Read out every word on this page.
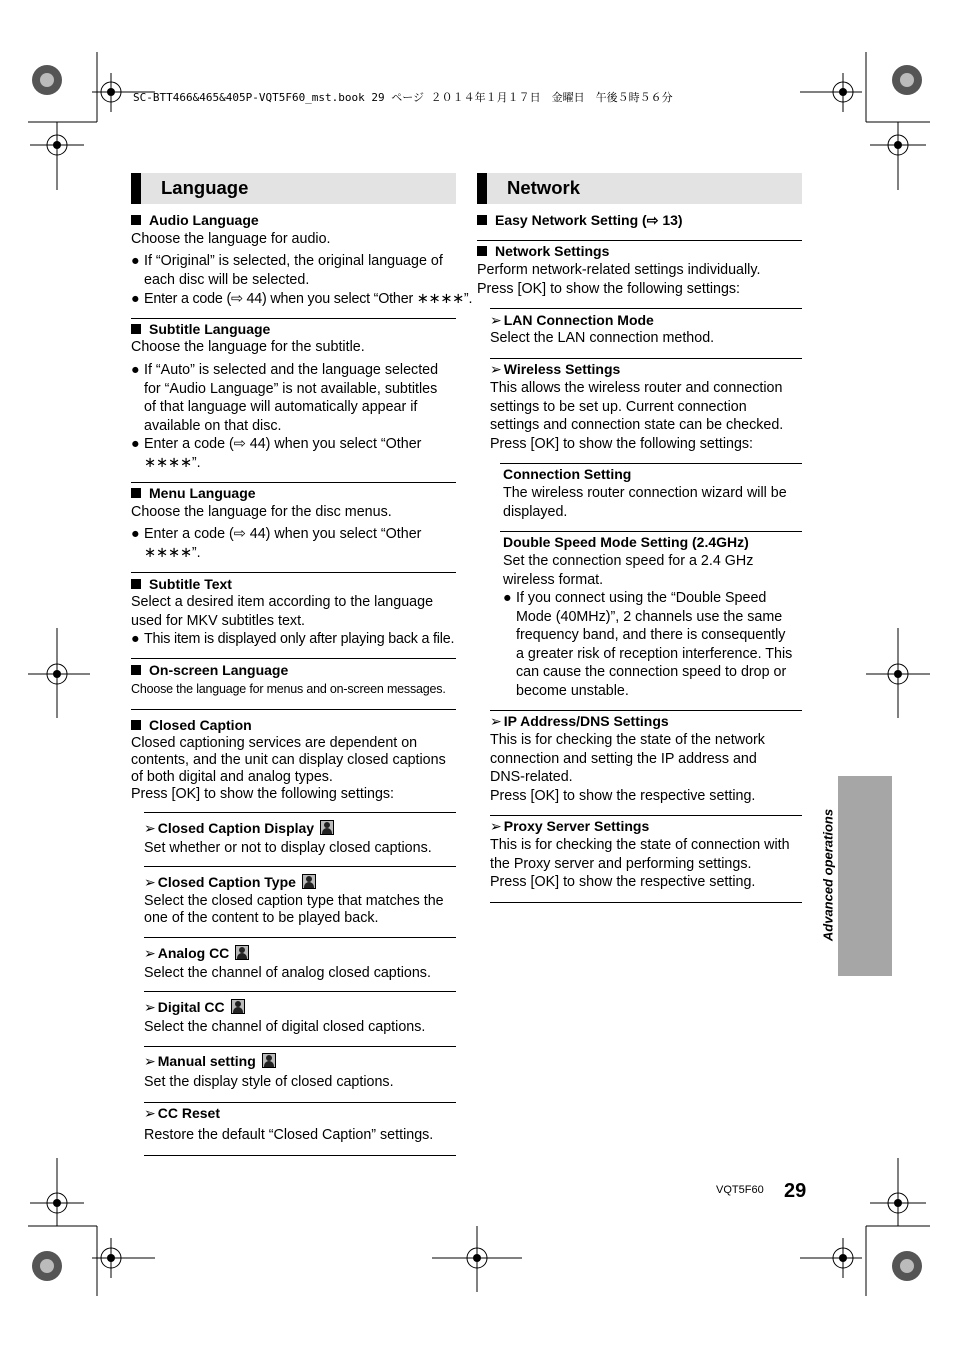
SC-BTT466&465&405P-VQT5F60_mst.book 29 ページ ２０１４年１月１７日　金曜日　午後５時５６分
Language
Audio Language
Choose the language for audio.
● If “Original” is selected, the original language of
each disc will be selected.
● Enter a code (⇨ 44) when you select “Other ∗∗∗∗”.
Subtitle Language
Choose the language for the subtitle.
● If “Auto” is selected and the language selected
for “Audio Language” is not available, subtitles
of that language will automatically appear if
available on that disc.
● Enter a code (⇨ 44) when you select “Other
∗∗∗∗”.
Menu Language
Choose the language for the disc menus.
● Enter a code (⇨ 44) when you select “Other
∗∗∗∗”.
Subtitle Text
Select a desired item according to the language
used for MKV subtitles text.
● This item is displayed only after playing back a file.
On-screen Language
Choose the language for menus and on-screen messages.
Closed Caption
Closed captioning services are dependent on
contents, and the unit can display closed captions
of both digital and analog types.
Press [OK] to show the following settings:
➢ Closed Caption Display
Set whether or not to display closed captions.
➢ Closed Caption Type
Select the closed caption type that matches the
one of the content to be played back.
➢ Analog CC
Select the channel of analog closed captions.
➢ Digital CC
Select the channel of digital closed captions.
➢ Manual setting
Set the display style of closed captions.
➢ CC Reset
Restore the default “Closed Caption” settings.
Network
Easy Network Setting (⇨ 13)
Network Settings
Perform network-related settings individually.
Press [OK] to show the following settings:
➢ LAN Connection Mode
Select the LAN connection method.
➢ Wireless Settings
This allows the wireless router and connection
settings to be set up. Current connection
settings and connection state can be checked.
Press [OK] to show the following settings:
Connection Setting
The wireless router connection wizard will be
displayed.
Double Speed Mode Setting (2.4GHz)
Set the connection speed for a 2.4 GHz
wireless format.
● If you connect using the “Double Speed
Mode (40MHz)”, 2 channels use the same
frequency band, and there is consequently
a greater risk of reception interference. This
can cause the connection speed to drop or
become unstable.
➢ IP Address/DNS Settings
This is for checking the state of the network
connection and setting the IP address and
DNS-related.
Press [OK] to show the respective setting.
➢ Proxy Server Settings
This is for checking the state of connection with
the Proxy server and performing settings.
Press [OK] to show the respective setting.	Advanced operations
VQT5F60 29
